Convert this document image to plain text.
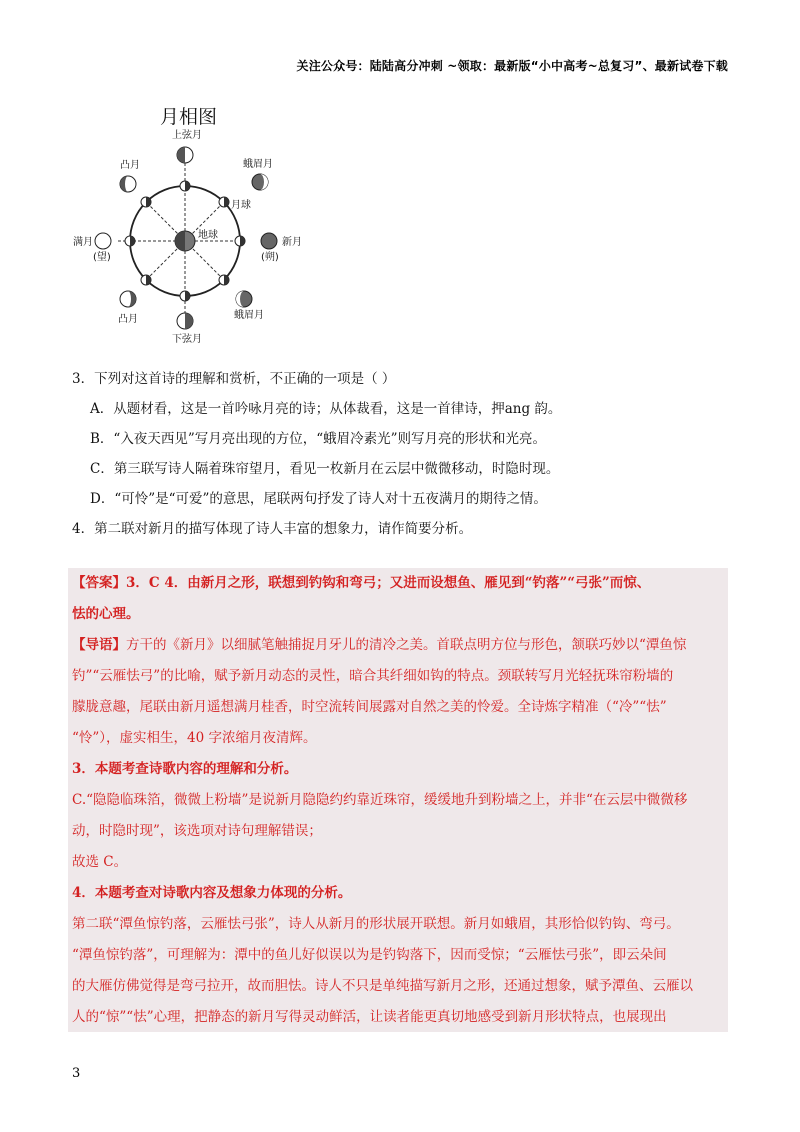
关注公众号：陆陆高分冲刺 ~领取：最新版“小中高考~总复习”、最新试卷下载
月相图
地球
月球
上弦月
蛾眉月
新月
(朔)
蛾眉月
下弦月
凸月
满月
(望)
凸月
3．下列对这首诗的理解和赏析，不正确的一项是（ ）
A．从题材看，这是一首吟咏月亮的诗；从体裁看，这是一首律诗，押ang 韵。
B．“入夜天西见”写月亮出现的方位，“蛾眉冷素光”则写月亮的形状和光亮。
C．第三联写诗人隔着珠帘望月，看见一枚新月在云层中微微移动，时隐时现。
D．“可怜”是“可爱”的意思，尾联两句抒发了诗人对十五夜满月的期待之情。
4．第二联对新月的描写体现了诗人丰富的想象力，请作简要分析。

【答案】3．C 4．由新月之形，联想到钓钩和弯弓；又进而设想鱼、雁见到“钓落”“弓张”而惊、

怯的心理。

【导语】方干的《新月》以细腻笔触捕捉月牙儿的清冷之美。首联点明方位与形色，颔联巧妙以“潭鱼惊

钓”“云雁怯弓”的比喻，赋予新月动态的灵性，暗合其纤细如钩的特点。颈联转写月光轻抚珠帘粉墙的

朦胧意趣，尾联由新月遥想满月桂香，时空流转间展露对自然之美的怜爱。全诗炼字精准（“冷”“怯”

“怜”），虚实相生，40 字浓缩月夜清辉。

3．本题考查诗歌内容的理解和分析。

C.“隐隐临珠箔，微微上粉墙”是说新月隐隐约约靠近珠帘，缓缓地升到粉墙之上，并非“在云层中微微移

动，时隐时现”，该选项对诗句理解错误；

故选 C。

4．本题考查对诗歌内容及想象力体现的分析。

第二联“潭鱼惊钓落，云雁怯弓张”，诗人从新月的形状展开联想。新月如蛾眉，其形恰似钓钩、弯弓。

“潭鱼惊钓落”，可理解为：潭中的鱼儿好似误以为是钓钩落下，因而受惊；“云雁怯弓张”，即云朵间

的大雁仿佛觉得是弯弓拉开，故而胆怯。诗人不只是单纯描写新月之形，还通过想象，赋予潭鱼、云雁以

人的“惊”“怯”心理，把静态的新月写得灵动鲜活，让读者能更真切地感受到新月形状特点，也展现出

3
